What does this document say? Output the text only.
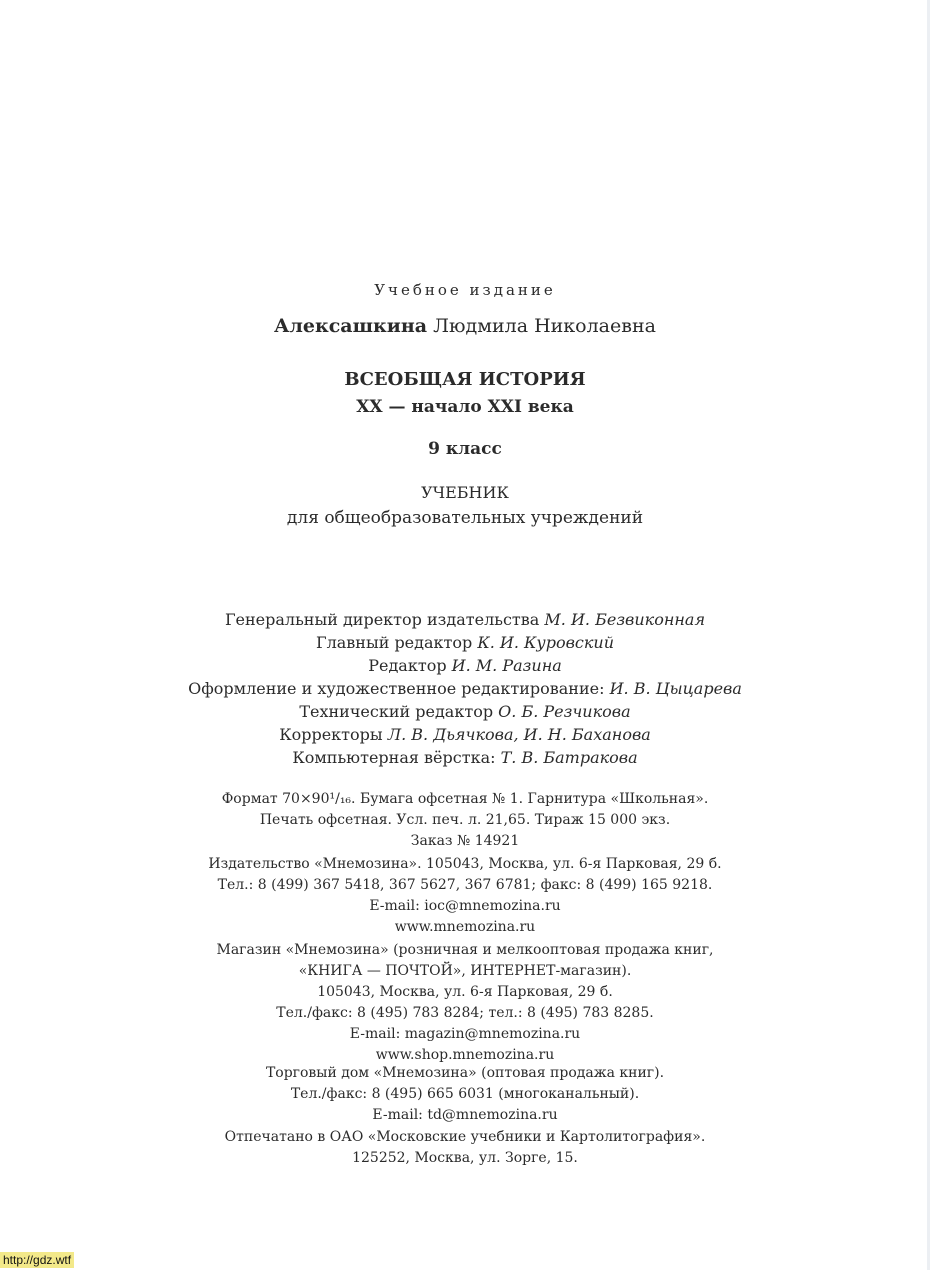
Учебное издание
Алексашкина Людмила Николаевна
ВСЕОБЩАЯ ИСТОРИЯ
XX — начало XXI века
9 класс
УЧЕБНИК
для общеобразовательных учреждений
Генеральный директор издательства М. И. Безвиконная
Главный редактор К. И. Куровский
Редактор И. М. Разина
Оформление и художественное редактирование: И. В. Цыцарева
Технический редактор О. Б. Резчикова
Корректоры Л. В. Дьячкова, И. Н. Баханова
Компьютерная вёрстка: Т. В. Батракова
Формат 70×90¹/₁₆. Бумага офсетная № 1. Гарнитура «Школьная».
Печать офсетная. Усл. печ. л. 21,65. Тираж 15 000 экз.
Заказ № 14921
Издательство «Мнемозина». 105043, Москва, ул. 6-я Парковая, 29 б.
Тел.: 8 (499) 367 5418, 367 5627, 367 6781; факс: 8 (499) 165 9218.
E-mail: ioc@mnemozina.ru
www.mnemozina.ru
Магазин «Мнемозина» (розничная и мелкооптовая продажа книг,
«КНИГА — ПОЧТОЙ», ИНТЕРНЕТ-магазин).
105043, Москва, ул. 6-я Парковая, 29 б.
Тел./факс: 8 (495) 783 8284; тел.: 8 (495) 783 8285.
E-mail: magazin@mnemozina.ru
www.shop.mnemozina.ru
Торговый дом «Мнемозина» (оптовая продажа книг).
Тел./факс: 8 (495) 665 6031 (многоканальный).
E-mail: td@mnemozina.ru
Отпечатано в ОАО «Московские учебники и Картолитография».
125252, Москва, ул. Зорге, 15.
http://gdz.wtf
